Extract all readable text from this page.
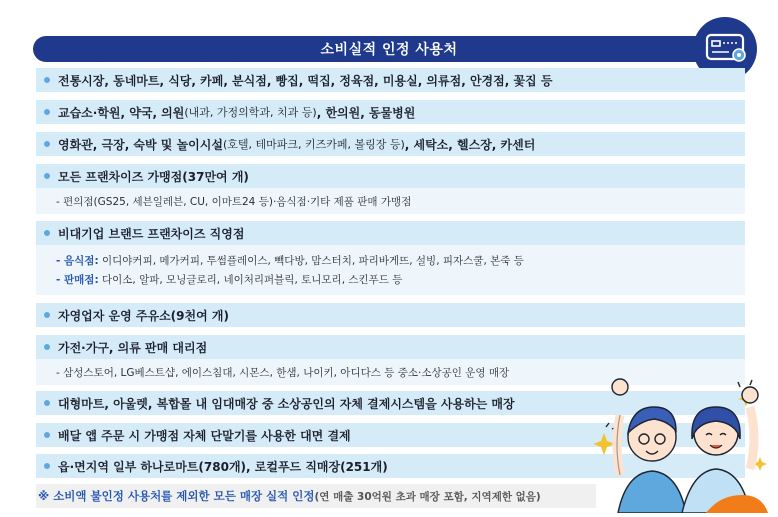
소비실적 인정 사용처
전통시장, 동네마트, 식당, 카페, 분식점, 빵집, 떡집, 정육점, 미용실, 의류점, 안경점, 꽃집 등
교습소·학원, 약국, 의원 (내과, 가정의학과, 치과 등) , 한의원, 동물병원
영화관, 극장, 숙박 및 놀이시설 (호텔, 테마파크, 키즈카페, 볼링장 등) , 세탁소, 헬스장, 카센터
모든 프랜차이즈 가맹점(37만여 개)
- 편의점(GS25, 세븐일레븐, CU, 이마트24 등)·음식점·기타 제품 판매 가맹점
비대기업 브랜드 프랜차이즈 직영점
- 음식점: 이디야커피, 메가커피, 투썸플레이스, 빽다방, 맘스터치, 파리바게뜨, 설빙, 피자스쿨, 본죽 등
- 판매점: 다이소, 알파, 모닝글로리, 네이처리퍼블릭, 토니모리, 스킨푸드 등
자영업자 운영 주유소(9천여 개)
가전·가구, 의류 판매 대리점
- 삼성스토어, LG베스트샵, 에이스침대, 시몬스, 한샘, 나이키, 아디다스 등 중소·소상공인 운영 매장
대형마트, 아울렛, 복합몰 내 임대매장 중 소상공인의 자체 결제시스템을 사용하는 매장
배달 앱 주문 시 가맹점 자체 단말기를 사용한 대면 결제
읍·면지역 일부 하나로마트(780개), 로컬푸드 직매장(251개)
※ 소비액 불인정 사용처를 제외한 모든 매장 실적 인정 (연 매출 30억원 초과 매장 포함, 지역제한 없음)
